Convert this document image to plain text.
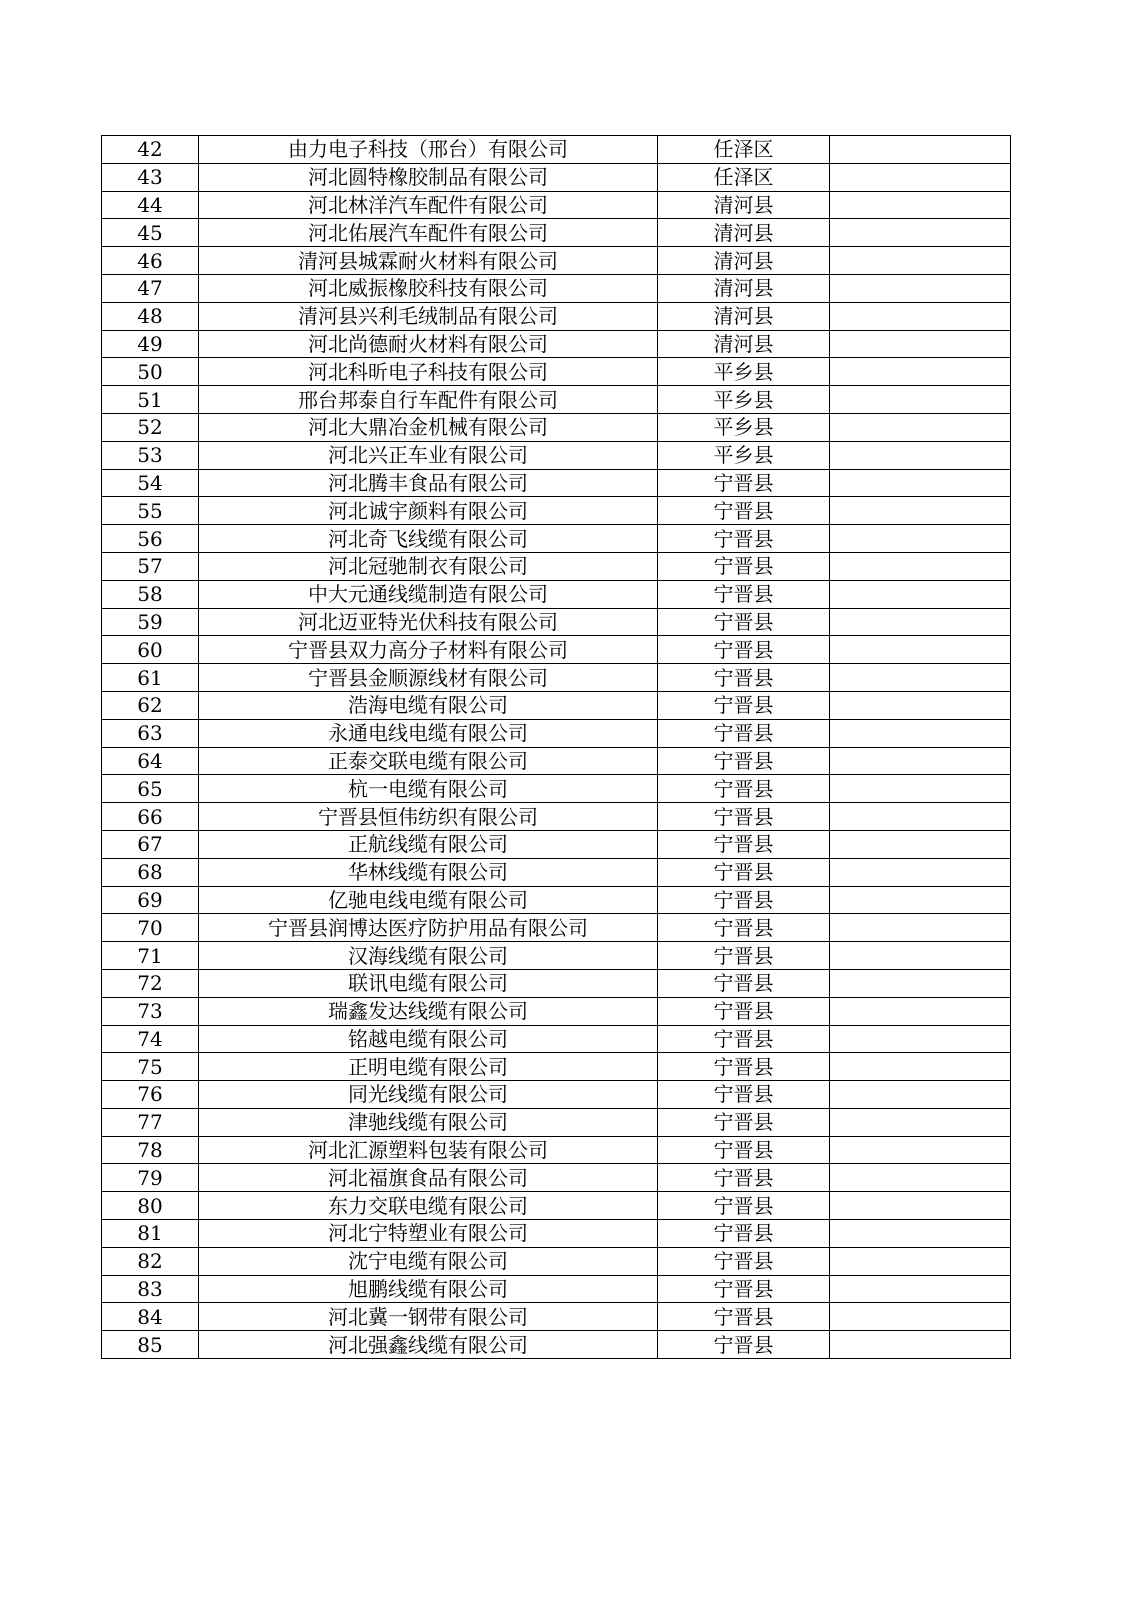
42	由力电子科技（邢台）有限公司	任泽区	
43	河北圆特橡胶制品有限公司	任泽区	
44	河北林洋汽车配件有限公司	清河县	
45	河北佑展汽车配件有限公司	清河县	
46	清河县城霖耐火材料有限公司	清河县	
47	河北威振橡胶科技有限公司	清河县	
48	清河县兴利毛绒制品有限公司	清河县	
49	河北尚德耐火材料有限公司	清河县	
50	河北科昕电子科技有限公司	平乡县	
51	邢台邦泰自行车配件有限公司	平乡县	
52	河北大鼎冶金机械有限公司	平乡县	
53	河北兴正车业有限公司	平乡县	
54	河北腾丰食品有限公司	宁晋县	
55	河北诚宇颜料有限公司	宁晋县	
56	河北奇飞线缆有限公司	宁晋县	
57	河北冠驰制衣有限公司	宁晋县	
58	中大元通线缆制造有限公司	宁晋县	
59	河北迈亚特光伏科技有限公司	宁晋县	
60	宁晋县双力高分子材料有限公司	宁晋县	
61	宁晋县金顺源线材有限公司	宁晋县	
62	浩海电缆有限公司	宁晋县	
63	永通电线电缆有限公司	宁晋县	
64	正泰交联电缆有限公司	宁晋县	
65	杭一电缆有限公司	宁晋县	
66	宁晋县恒伟纺织有限公司	宁晋县	
67	正航线缆有限公司	宁晋县	
68	华林线缆有限公司	宁晋县	
69	亿驰电线电缆有限公司	宁晋县	
70	宁晋县润博达医疗防护用品有限公司	宁晋县	
71	汉海线缆有限公司	宁晋县	
72	联讯电缆有限公司	宁晋县	
73	瑞鑫发达线缆有限公司	宁晋县	
74	铭越电缆有限公司	宁晋县	
75	正明电缆有限公司	宁晋县	
76	同光线缆有限公司	宁晋县	
77	津驰线缆有限公司	宁晋县	
78	河北汇源塑料包装有限公司	宁晋县	
79	河北福旗食品有限公司	宁晋县	
80	东力交联电缆有限公司	宁晋县	
81	河北宁特塑业有限公司	宁晋县	
82	沈宁电缆有限公司	宁晋县	
83	旭鹏线缆有限公司	宁晋县	
84	河北冀一钢带有限公司	宁晋县	
85	河北强鑫线缆有限公司	宁晋县	
